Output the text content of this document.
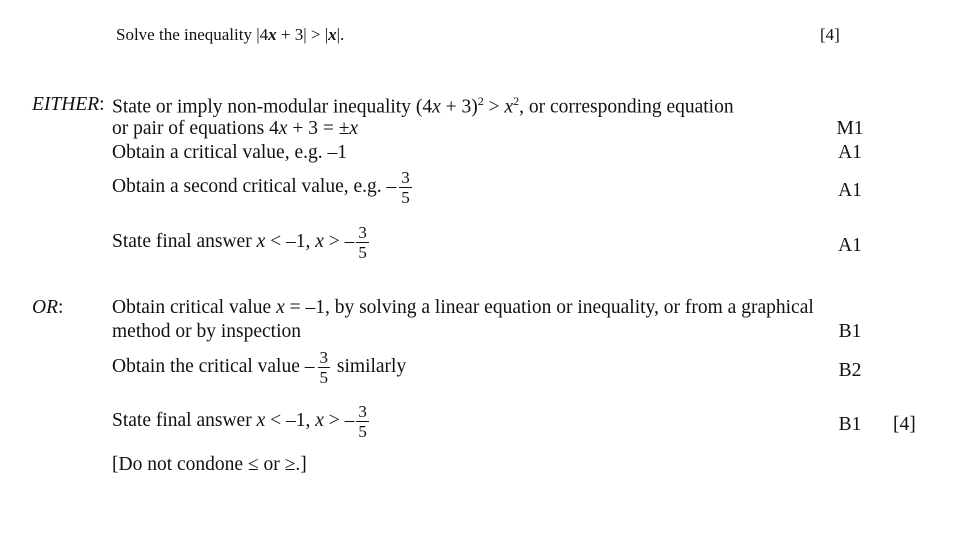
Solve the inequality |4x + 3| > |x|.	[4]
EITHER: State or imply non-modular inequality $(4x + 3)^2 > x^2$, or corresponding equation
or pair of equations 4x + 3 = ±x	M1
Obtain a critical value, e.g. –1	A1
Obtain a second critical value, e.g. – $\frac{3}{5}$	A1
State final answer x < –1, x > – $\frac{3}{5}$	A1
OR: Obtain critical value x = –1, by solving a linear equation or inequality, or from a graphical
method or by inspection	B1
Obtain the critical value – $\frac{3}{5}$ similarly	B2
State final answer x < –1, x > – $\frac{3}{5}$	B1	[4]
[Do not condone ≤ or ≥.]
